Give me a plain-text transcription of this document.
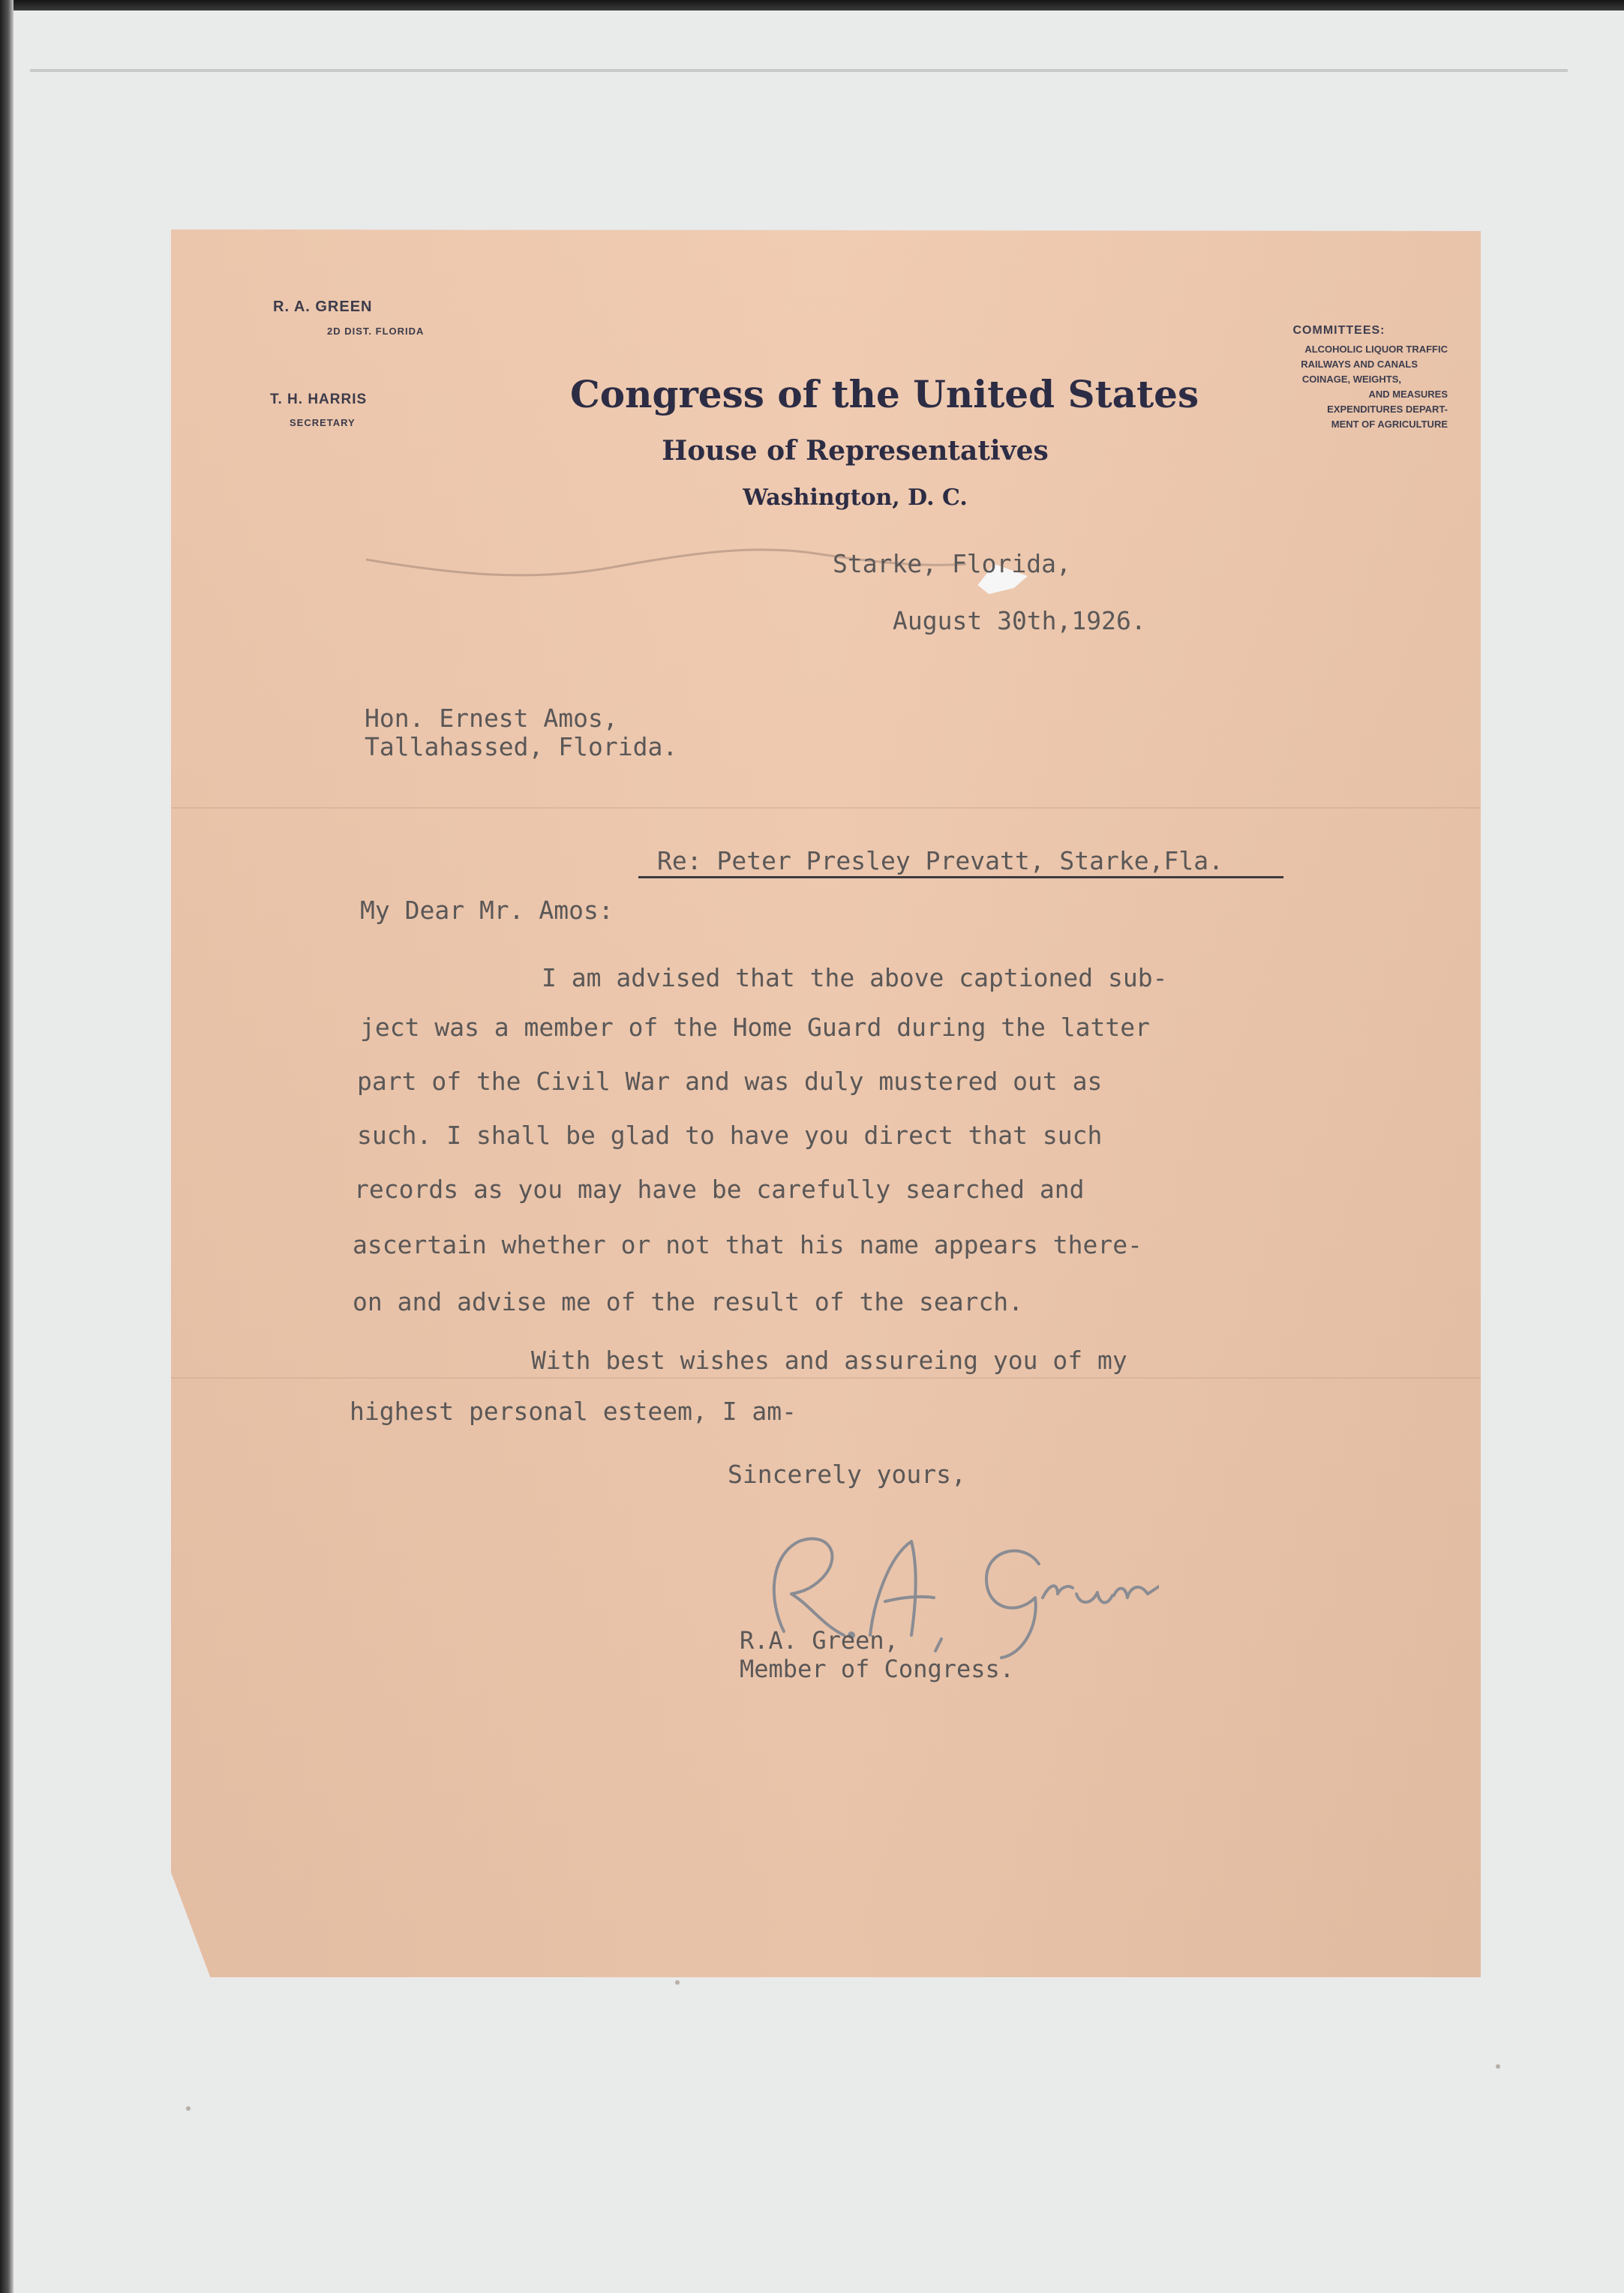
R. A. GREEN
2D DIST. FLORIDA
T. H. HARRIS
SECRETARY
Congress of the United States
House of Representatives
Washington, D. C.
COMMITTEES:
ALCOHOLIC LIQUOR TRAFFIC
RAILWAYS AND CANALS
COINAGE, WEIGHTS,
AND MEASURES
EXPENDITURES DEPART-
MENT OF AGRICULTURE
Starke, Florida,
August 30th,1926.
Hon. Ernest Amos,
Tallahassed, Florida.
Re: Peter Presley Prevatt, Starke,Fla.
My Dear Mr. Amos:

I am advised that the above captioned sub-

ject was a member of the Home Guard during the latter

part of the Civil War and was duly mustered out as

such. I shall be glad to have you direct that such

records as you may have be carefully searched and

ascertain whether or not that his name appears there-

on and advise me of the result of the search.

With best wishes and assureing you of my

highest personal esteem, I am-

Sincerely yours,
R.A. Green,
Member of Congress.
